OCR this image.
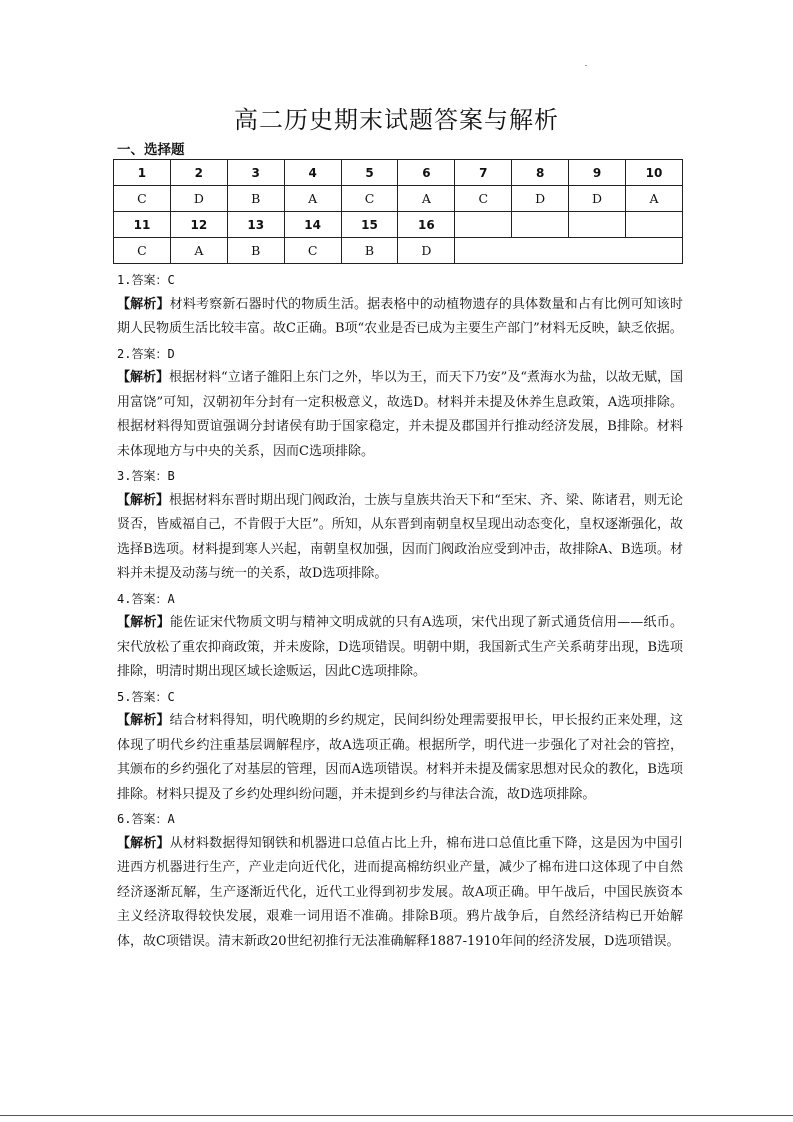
高二历史期末试题答案与解析
一、选择题
1	2	3	4	5	6	7	8	9	10
C	D	B	A	C	A	C	D	D	A
11	12	13	14	15	16				
C	A	B	C	B	D				

1.答案：C

【解析】材料考察新石器时代的物质生活。据表格中的动植物遗存的具体数量和占有比例可知该时期人民物质生活比较丰富。故C正确。B项“农业是否已成为主要生产部门”材料无反映，缺乏依据。

2.答案：D

【解析】根据材料“立诸子雒阳上东门之外，毕以为王，而天下乃安”及“煮海水为盐，以故无赋，国用富饶”可知，汉朝初年分封有一定积极意义，故选D。材料并未提及休养生息政策，A选项排除。根据材料得知贾谊强调分封诸侯有助于国家稳定，并未提及郡国并行推动经济发展，B排除。材料未体现地方与中央的关系，因而C选项排除。

3.答案：B

【解析】根据材料东晋时期出现门阀政治，士族与皇族共治天下和“至宋、齐、梁、陈诸君，则无论贤否，皆威福自己，不肯假于大臣”。所知，从东晋到南朝皇权呈现出动态变化，皇权逐渐强化，故选择B选项。材料提到寒人兴起，南朝皇权加强，因而门阀政治应受到冲击，故排除A、B选项。材料并未提及动荡与统一的关系，故D选项排除。

4.答案：A

【解析】能佐证宋代物质文明与精神文明成就的只有A选项，宋代出现了新式通货信用——纸币。宋代放松了重农抑商政策，并未废除，D选项错误。明朝中期，我国新式生产关系萌芽出现，B选项排除，明清时期出现区域长途贩运，因此C选项排除。

5.答案：C

【解析】结合材料得知，明代晚期的乡约规定，民间纠纷处理需要报甲长，甲长报约正来处理，这体现了明代乡约注重基层调解程序，故A选项正确。根据所学，明代进一步强化了对社会的管控，其颁布的乡约强化了对基层的管理，因而A选项错误。材料并未提及儒家思想对民众的教化，B选项排除。材料只提及了乡约处理纠纷问题，并未提到乡约与律法合流，故D选项排除。

6.答案：A

【解析】从材料数据得知钢铁和机器进口总值占比上升，棉布进口总值比重下降，这是因为中国引进西方机器进行生产，产业走向近代化，进而提高棉纺织业产量，减少了棉布进口这体现了中自然经济逐渐瓦解，生产逐渐近代化，近代工业得到初步发展。故A项正确。甲午战后，中国民族资本主义经济取得较快发展，艰难一词用语不准确。排除B项。鸦片战争后，自然经济结构已开始解体，故C项错误。清末新政20世纪初推行无法准确解释1887-1910年间的经济发展，D选项错误。
